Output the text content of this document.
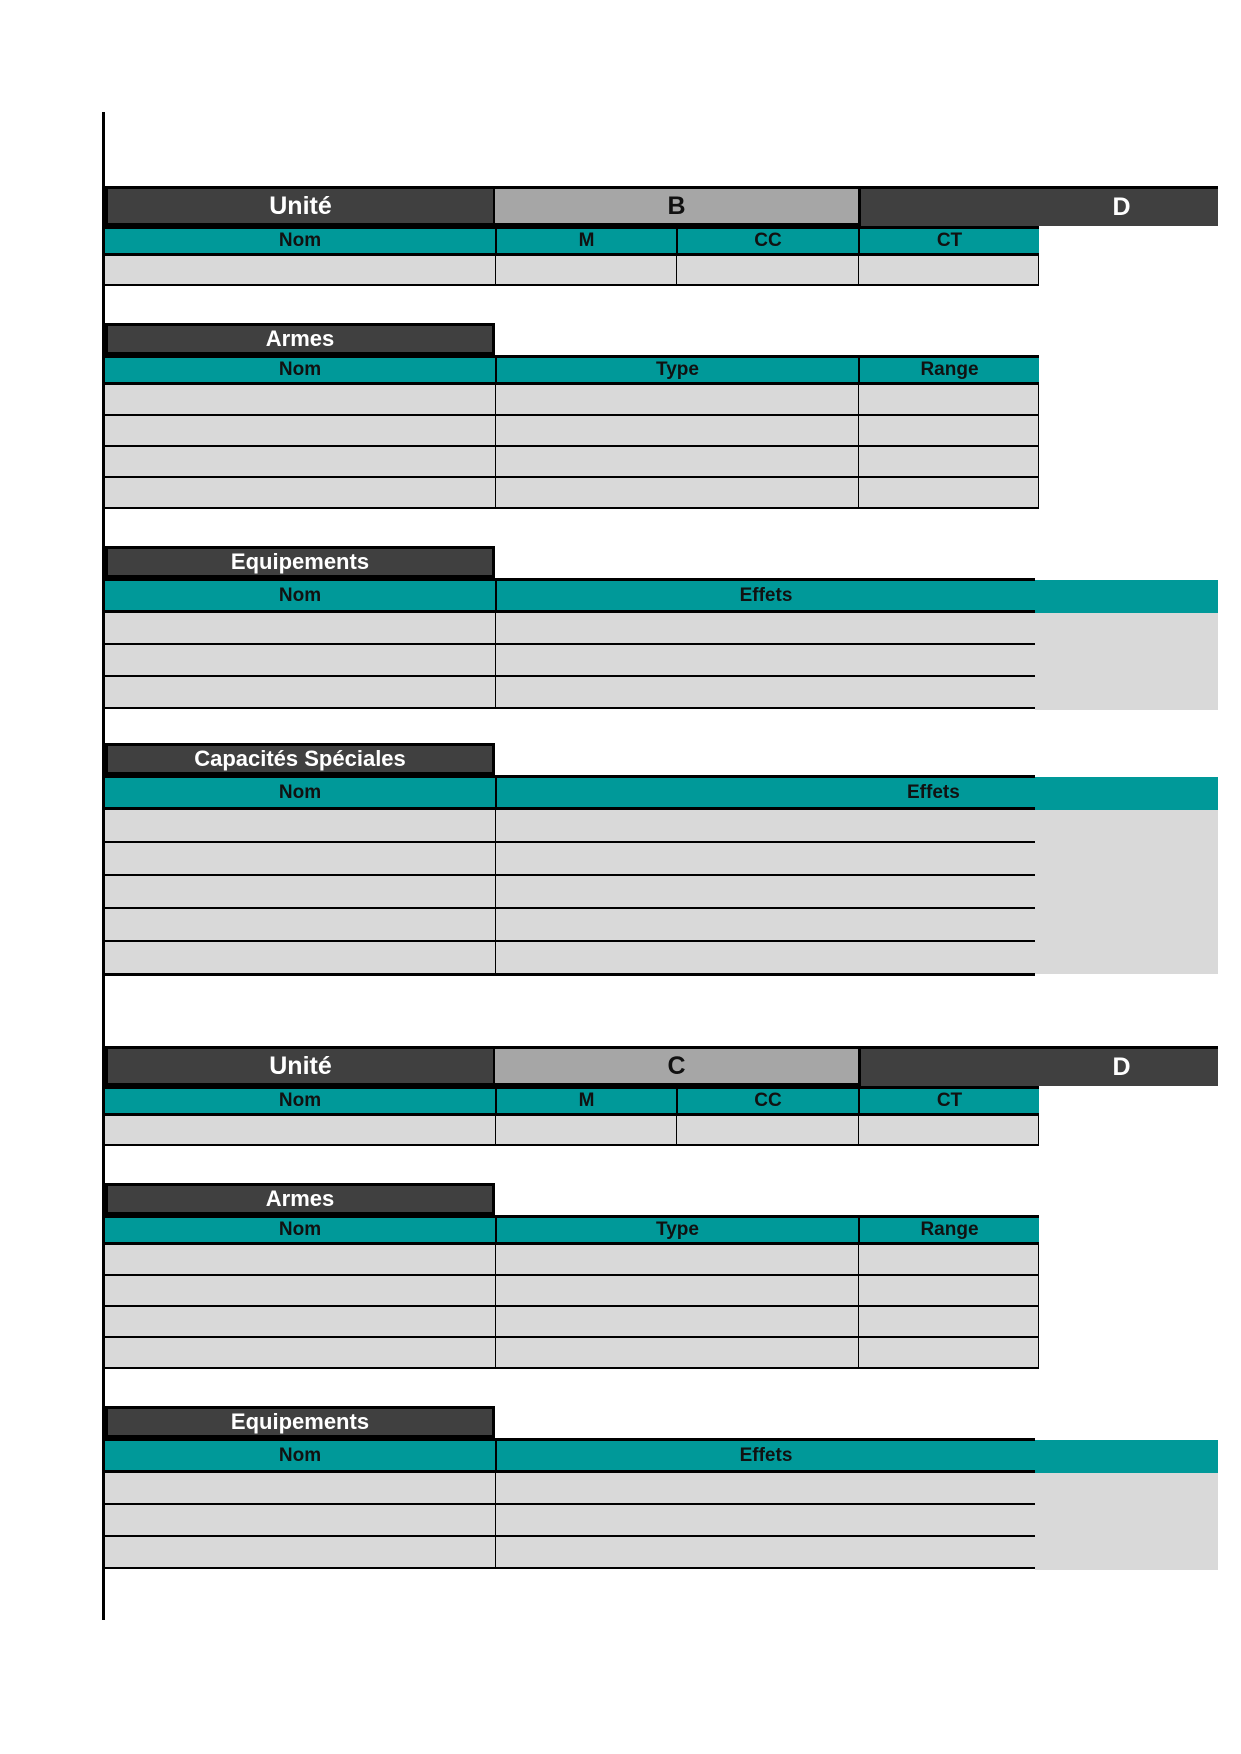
Unité	B	D
Nom	M	CC	CT
Armes
Nom	Type	Range
Equipements
Nom	Effets
Capacités Spéciales
Nom	Effets
Unité	C	D
Nom	M	CC	CT
Armes
Nom	Type	Range
Equipements
Nom	Effets
